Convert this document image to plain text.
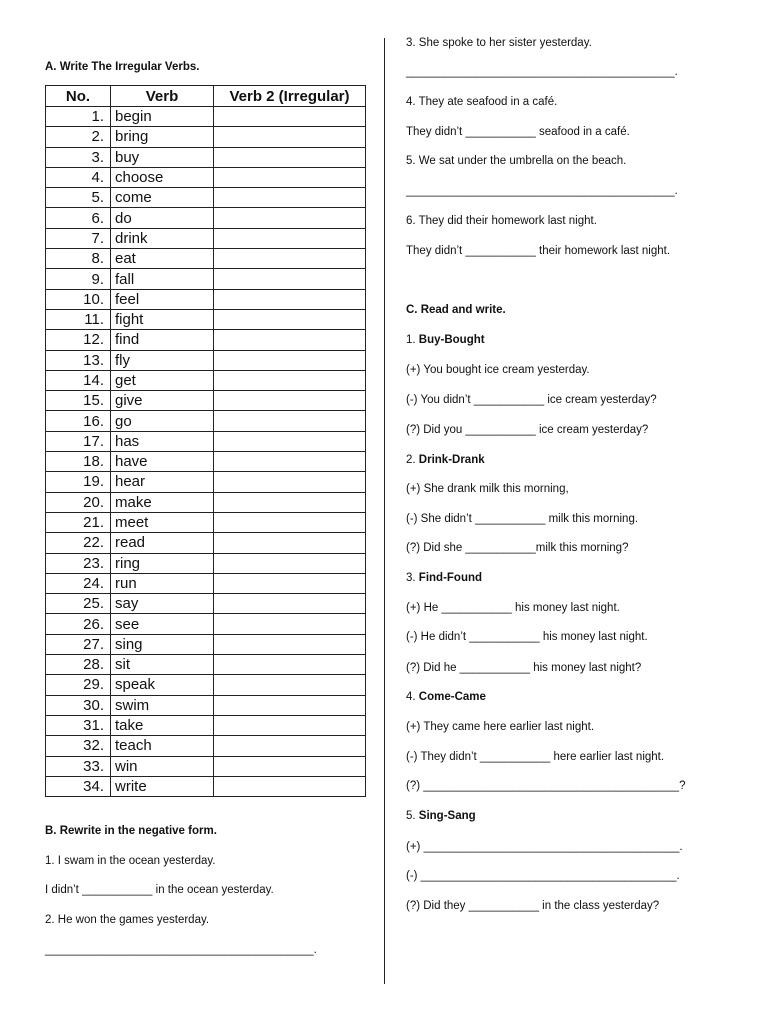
A. Write The Irregular Verbs.
No.	Verb	Verb 2 (Irregular)
1.	begin	
2.	bring	
3.	buy	
4.	choose	
5.	come	
6.	do	
7.	drink	
8.	eat	
9.	fall	
10.	feel	
11.	fight	
12.	find	
13.	fly	
14.	get	
15.	give	
16.	go	
17.	has	
18.	have	
19.	hear	
20.	make	
21.	meet	
22.	read	
23.	ring	
24.	run	
25.	say	
26.	see	
27.	sing	
28.	sit	
29.	speak	
30.	swim	
31.	take	
32.	teach	
33.	win	
34.	write	
B. Rewrite in the negative form.
1. I swam in the ocean yesterday.
I didn’t ___________ in the ocean yesterday.
2. He won the games yesterday.
__________________________________________.
3. She spoke to her sister yesterday.
__________________________________________.
4. They ate seafood in a café.
They didn’t ___________ seafood in a café.
5. We sat under the umbrella on the beach.
__________________________________________.
6. They did their homework last night.
They didn’t ___________ their homework last night.
C. Read and write.
1. Buy-Bought
(+) You bought ice cream yesterday.
(-) You didn’t ___________ ice cream yesterday?
(?) Did you ___________ ice cream yesterday?
2. Drink-Drank
(+) She drank milk this morning,
(-) She didn’t ___________ milk this morning.
(?) Did she ___________milk this morning?
3. Find-Found
(+) He ___________ his money last night.
(-) He didn’t ___________ his money last night.
(?) Did he ___________ his money last night?
4. Come-Came
(+) They came here earlier last night.
(-) They didn’t ___________ here earlier last night.
(?) ________________________________________?
5. Sing-Sang
(+) ________________________________________.
(-) ________________________________________.
(?) Did they ___________ in the class yesterday?
